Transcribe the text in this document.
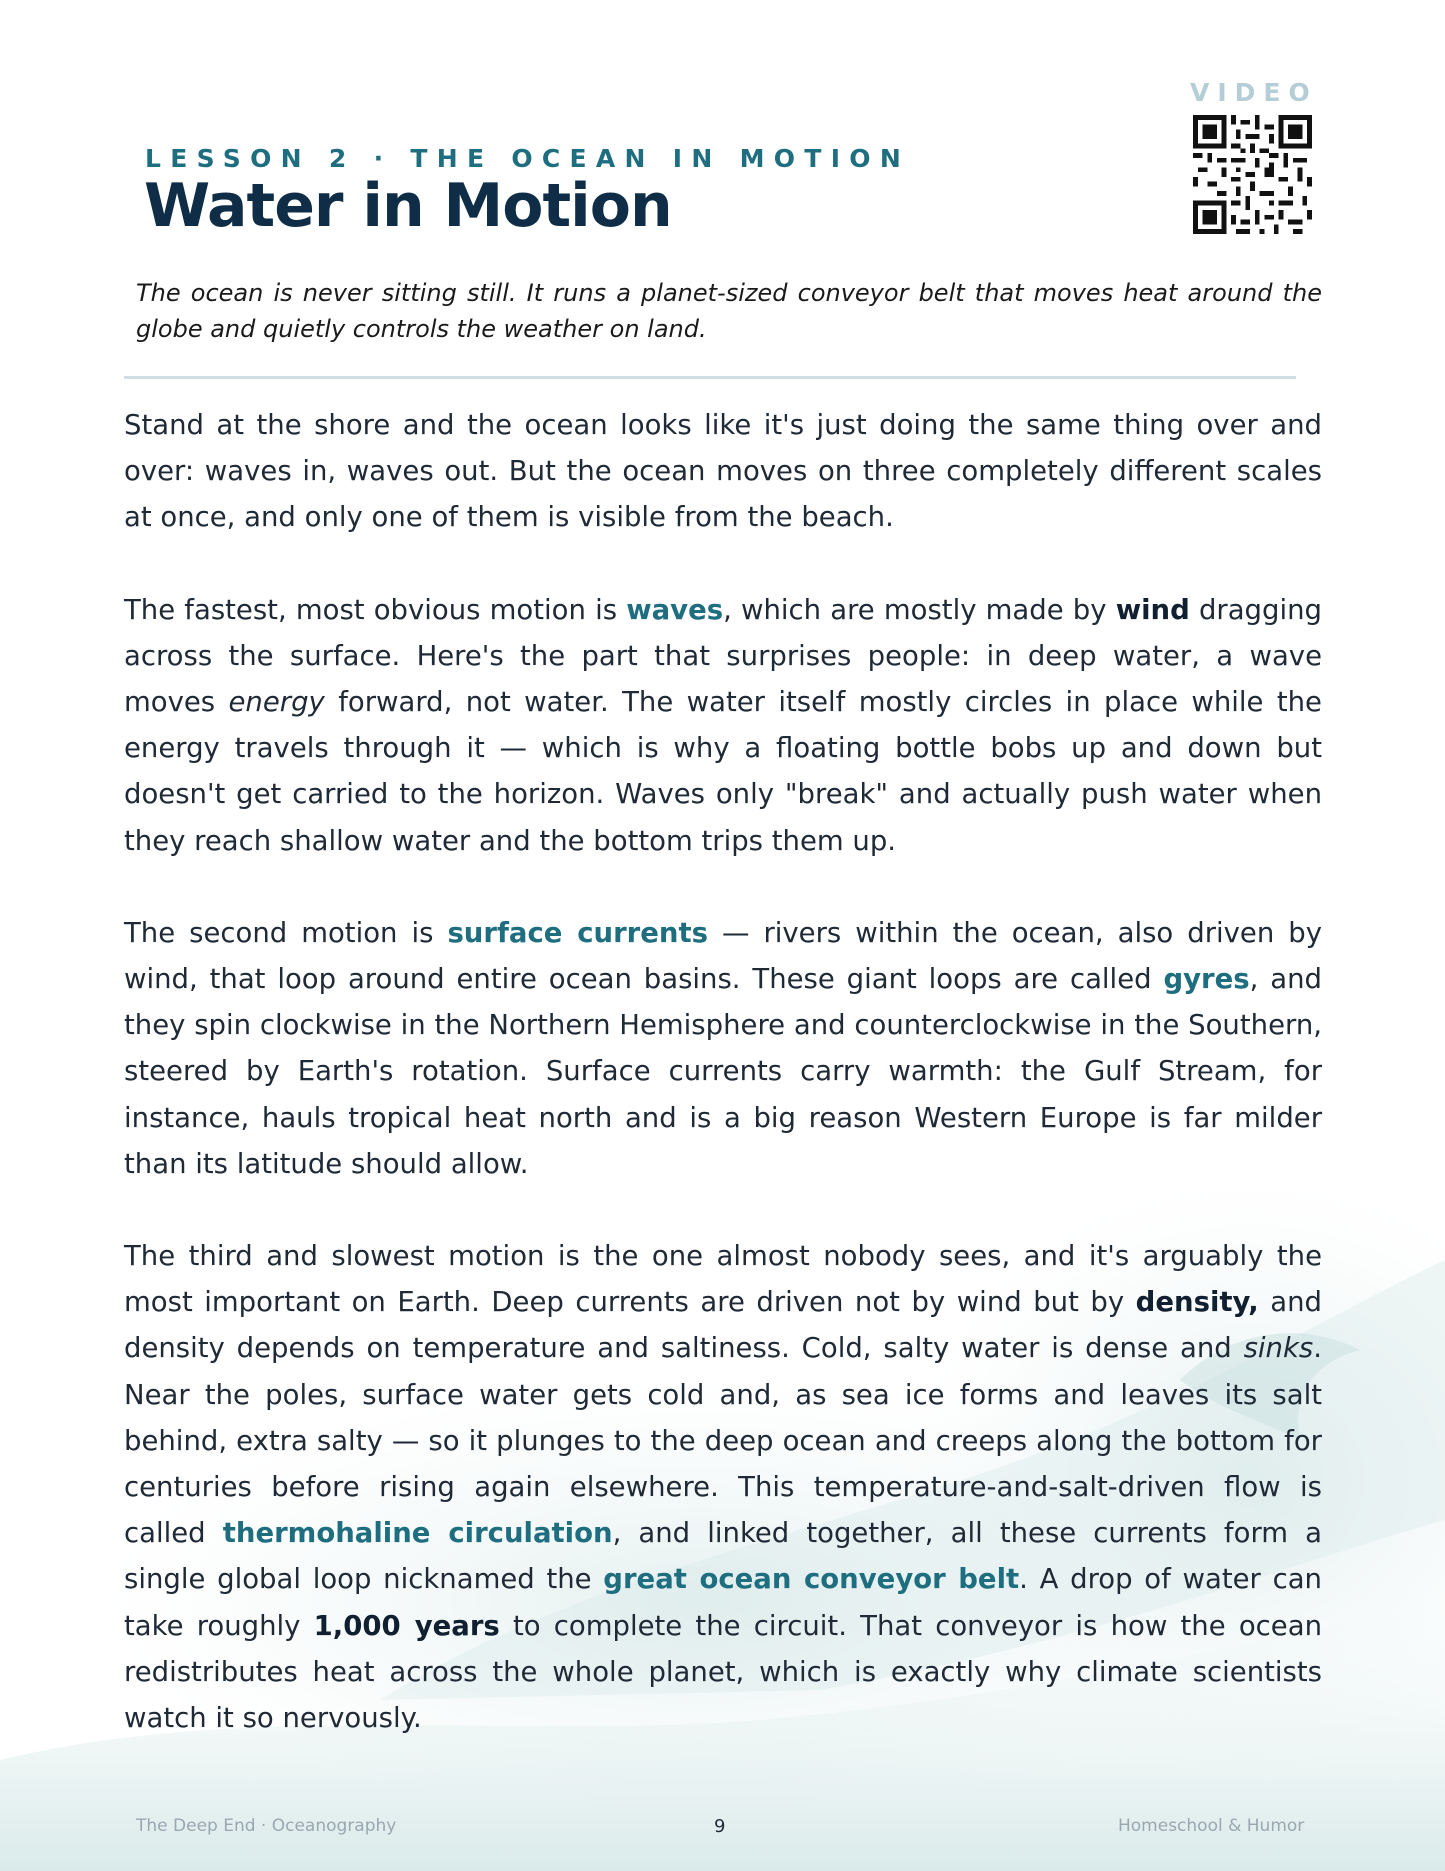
VIDEO
LESSON 2 · THE OCEAN IN MOTION
Water in Motion
The ocean is never sitting still. It runs a planet-sized conveyor belt that moves heat around the globe and quietly controls the weather on land.

Stand at the shore and the ocean looks like it's just doing the same thing over and over: waves in, waves out. But the ocean moves on three completely different scales at once, and only one of them is visible from the beach.

The fastest, most obvious motion is waves, which are mostly made by wind dragging across the surface. Here's the part that surprises people: in deep water, a wave moves energy forward, not water. The water itself mostly circles in place while the energy travels through it — which is why a floating bottle bobs up and down but doesn't get carried to the horizon. Waves only "break" and actually push water when they reach shallow water and the bottom trips them up.

The second motion is surface currents — rivers within the ocean, also driven by wind, that loop around entire ocean basins. These giant loops are called gyres, and they spin clockwise in the Northern Hemisphere and counterclockwise in the Southern, steered by Earth's rotation. Surface currents carry warmth: the Gulf Stream, for instance, hauls tropical heat north and is a big reason Western Europe is far milder than its latitude should allow.

The third and slowest motion is the one almost nobody sees, and it's arguably the most important on Earth. Deep currents are driven not by wind but by density, and density depends on temperature and saltiness. Cold, salty water is dense and sinks. Near the poles, surface water gets cold and, as sea ice forms and leaves its salt behind, extra salty — so it plunges to the deep ocean and creeps along the bottom for centuries before rising again elsewhere. This temperature-and-salt-driven flow is called thermohaline circulation, and linked together, all these currents form a single global loop nicknamed the great ocean conveyor belt. A drop of water can take roughly 1,000 years to complete the circuit. That conveyor is how the ocean redistributes heat across the whole planet, which is exactly why climate scientists watch it so nervously.

The Deep End · Oceanography	9	Homeschool & Humor
